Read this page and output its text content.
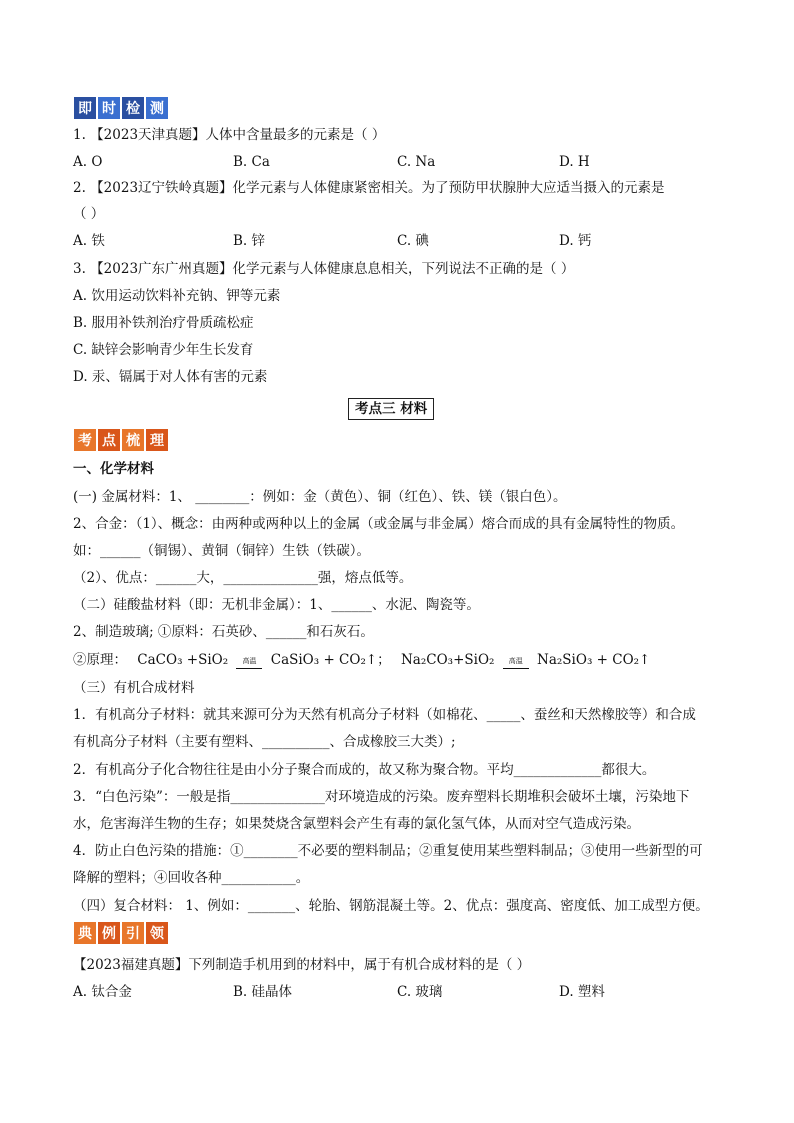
即 时 检 测
1. 【2023天津真题】人体中含量最多的元素是（ ）
A. O	B. Ca	C. Na	D. H
2. 【2023辽宁铁岭真题】化学元素与人体健康紧密相关。为了预防甲状腺肿大应适当摄入的元素是
（ ）
A. 铁	B. 锌	C. 碘	D. 钙
3. 【2023广东广州真题】化学元素与人体健康息息相关，下列说法不正确的是（ ）
A. 饮用运动饮料补充钠、钾等元素
B. 服用补铁剂治疗骨质疏松症
C. 缺锌会影响青少年生长发育
D. 汞、镉属于对人体有害的元素
考点三 材料
考 点 梳 理
一、化学材料
(一) 金属材料：1、 ________：例如：金（黄色）、铜（红色）、铁、镁（银白色）。
2、合金：（1）、概念：由两种或两种以上的金属（或金属与非金属）熔合而成的具有金属特性的物质。
如：______（铜锡）、黄铜（铜锌）生铁（铁碳）。
（2）、优点：______大，______________强，熔点低等。
（二）硅酸盐材料（即：无机非金属）：1、______、水泥、陶瓷等。
2、制造玻璃; ①原料：石英砂、______和石灰石。
②原理： CaCO₃ +SiO₂	高温	CaSiO₃ + CO₂↑； Na₂CO₃+SiO₂	高温	Na₂SiO₃ + CO₂↑
（三）有机合成材料
1．有机高分子材料：就其来源可分为天然有机高分子材料（如棉花、_____、蚕丝和天然橡胶等）和合成
有机高分子材料（主要有塑料、__________、合成橡胶三大类）;
2．有机高分子化合物往往是由小分子聚合而成的，故又称为聚合物。平均_____________都很大。
3．“白色污染”：一般是指______________对环境造成的污染。废弃塑料长期堆积会破坏土壤，污染地下
水，危害海洋生物的生存；如果焚烧含氯塑料会产生有毒的氯化氢气体，从而对空气造成污染。
4．防止白色污染的措施：①________不必要的塑料制品；②重复使用某些塑料制品；③使用一些新型的可
降解的塑料；④回收各种___________。
（四）复合材料： 1、例如：_______、轮胎、钢筋混凝土等。2、优点：强度高、密度低、加工成型方便。
典 例 引 领
【2023福建真题】下列制造手机用到的材料中，属于有机合成材料的是（ ）
A. 钛合金	B. 硅晶体	C. 玻璃	D. 塑料
